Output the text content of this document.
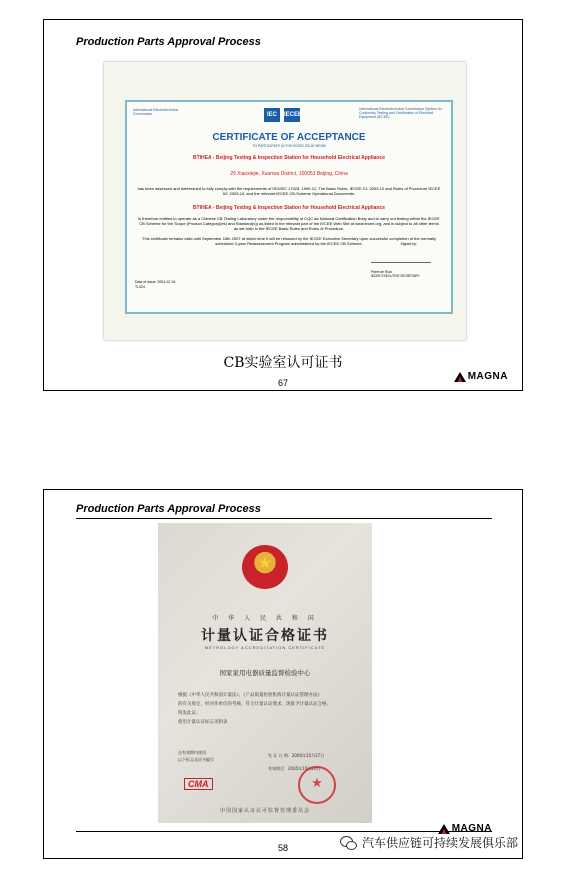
Production Parts Approval Process
International Electrotechnical Commission	IEC	IECEE
International Electrotechnical Commission System for Conformity Testing and Certification of Electrical Equipment (IECEE)
CERTIFICATE OF ACCEPTANCE
TO PARTICIPATE IN THE IECEE CB-SCHEME
BTIHEA - Beijing Testing & Inspection Station for Household Electrical Appliance
29 Xiaoxiejie, Xuanwu District, 100053 Beijing, China
has been assessed and determined to fully comply with the requirements of ISO/IEC 17025: 1999-12, The Basic Rules, IECEE 01: 2003-10 and Rules of Procedure IECEE 02: 2003-10, and the relevant IECEE CB-Scheme Operational Documents.
BTIHEA - Beijing Testing & Inspection Station for Household Electrical Appliance
is therefore entitled to operate as a Chinese CB Testing Laboratory under the responsibility of CQC as National Certification Body and to carry out testing within the IECEE CB Scheme for the Scope (Product Category(ies) and Standard(s)) as listed in the relevant part of the IECEE Web Site at www.iecee.org, and is subject to all other terms as set forth in the IECEE Basic Rules and Rules of Procedure.
This certificate remains valid until September 16th 2007 at which time it will be reissued by the IECEE Executive Secretary upon successful completion of the normally scheduled 3-year Reassessment Program administered by the IECEE CB Scheme.	Signed by:
Pierre de Ruvo
IECEE EXECUTIVE SECRETARY
Date of issue: 2004-12-16
TL024
CB实验室认可证书
67
MAGNA
Production Parts Approval Process
★
中 华 人 民 共 和 国
计量认证合格证书
METROLOGY ACCREDITATION CERTIFICATE
国家家用电器质量监督检验中心
根据《中华人民共和国计量法》、《产品质量检验机构计量认证管理办法》
的有关规定，经对你单位的考核，符合计量认证要求，现准予计量认证合格，
特发此证。
使用计量认证标志见附表
在有效期内使用
以下标志及证书编号
发 证 日 期：2000年10月27日
有效期至：2005年10月26日
CMA
★
中国国家认证认可监督管理委员会
MAGNA
58	汽车供应链可持续发展俱乐部
